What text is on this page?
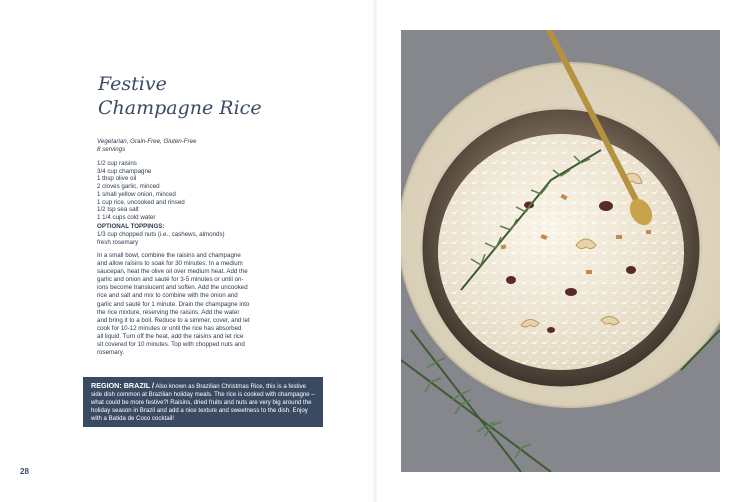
Festive
Champagne Rice
Vegetarian, Grain-Free, Gluten-Free
8 servings
1/2 cup raisins
3/4 cup champagne
1 tbsp olive oil
2 cloves garlic, minced
1 small yellow onion, minced
1 cup rice, uncooked and rinsed
1/2 tsp sea salt
1 1/4 cups cold water
OPTIONAL TOPPINGS:
1/3 cup chopped nuts (i.e., cashews, almonds)
fresh rosemary
In a small bowl, combine the raisins and champagne
and allow raisins to soak for 30 minutes. In a medium
saucepan, heat the olive oil over medium heat. Add the
garlic and onion and sauté for 3-5 minutes or until on-
ions become translucent and soften. Add the uncooked
rice and salt and mix to combine with the onion and
garlic and sauté for 1 minute. Drain the champagne into
the rice mixture, reserving the raisins. Add the water
and bring it to a boil. Reduce to a simmer, cover, and let
cook for 10-12 minutes or until the rice has absorbed
all liquid. Turn off the heat, add the raisins and let rice
sit covered for 10 minutes. Top with chopped nuts and
rosemary.
REGION: BRAZIL / Also known as Brazilian Christmas Rice, this is a festive
side dish common at Brazilian holiday meals. The rice is cooked with champagne –
what could be more festive?! Raisins, dried fruits and nuts are very big around the
holiday season in Brazil and add a nice texture and sweetness to the dish. Enjoy
with a Batida de Coco cocktail!
28
